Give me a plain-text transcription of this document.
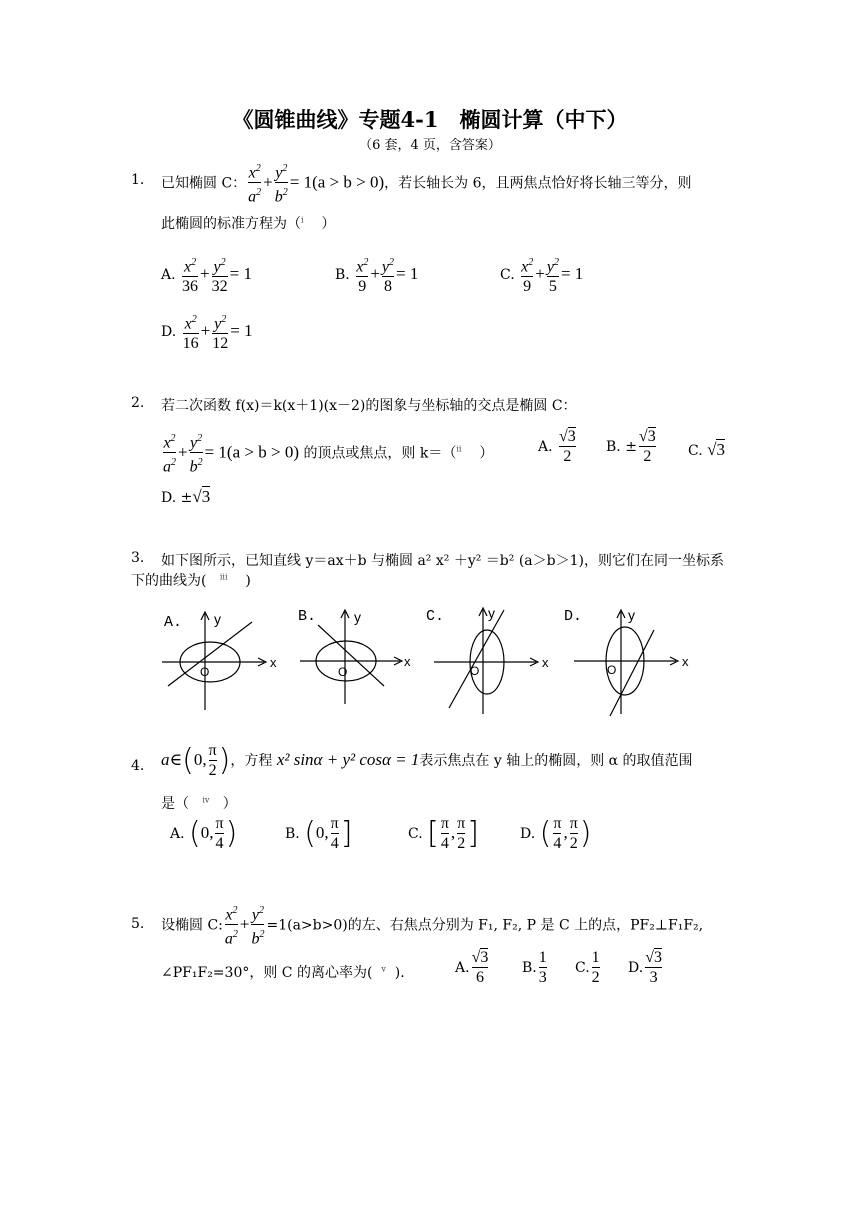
《圆锥曲线》专题4-1　椭圆计算（中下）
（6 套，4 页，含答案）
1. 已知椭圆 C： $\frac{x^2}{a^2} + \frac{y^2}{b^2} = 1(a > b > 0)$，若长轴长为 6，且两焦点恰好将长轴三等分，则
此椭圆的标准方程为（$^i$ ）
A. $\frac{x^2}{36} + \frac{y^2}{32} = 1$	B. $\frac{x^2}{9} + \frac{y^2}{8} = 1$	C. $\frac{x^2}{9} + \frac{y^2}{5} = 1$
D. $\frac{x^2}{16} + \frac{y^2}{12} = 1$
2. 若二次函数 f(x)＝k(x＋1)(x－2)的图象与坐标轴的交点是椭圆 C：
$\frac{x^2}{a^2} + \frac{y^2}{b^2} = 1(a > b > 0)$ 的顶点或焦点，则 k＝（$^{ii}$ ）	A. $\frac{√3}{2} B$. ± $\frac{√3}{2} C$. √3
D. ±√3
3. 如下图所示，已知直线 y＝ax＋b 与椭圆 a² x² ＋y² ＝b² (a＞b＞1)，则它们在同一坐标系
下的曲线为( $^{iii}$ )
A. y
x
O
B.	y
x
O
C.	y
x
O
D.	y
x
O
4. a∈(0, $\frac{\pi}{2}$ )，方程 x² sinα + y² cosα = 1表示焦点在 y 轴上的椭圆，则 α 的取值范围
是（ $^{iv}$ ）
A. (0, $\frac{\pi}{4}$ )	B. (0, $\frac{\pi}{4}$ ]	C. [ $\frac{\pi}{4}$ , $\frac{\pi}{2}$ ]	D. ( $\frac{\pi}{4}$ , $\frac{\pi}{2}$ )
5. 设椭圆 C: $\frac{x^2}{a^2} + \frac{y^2}{b^2} =1(a>b>0)$的左、右焦点分别为 F₁, F₂, P 是 C 上的点，PF₂⊥F₁F₂,
∠PF₁F₂=30°，则 C 的离心率为( $^v$ ).	A. $\frac{√3}{6} B$. $\frac{1}{3} C$. $\frac{1}{2} D$. $\frac{√3}{3}$
